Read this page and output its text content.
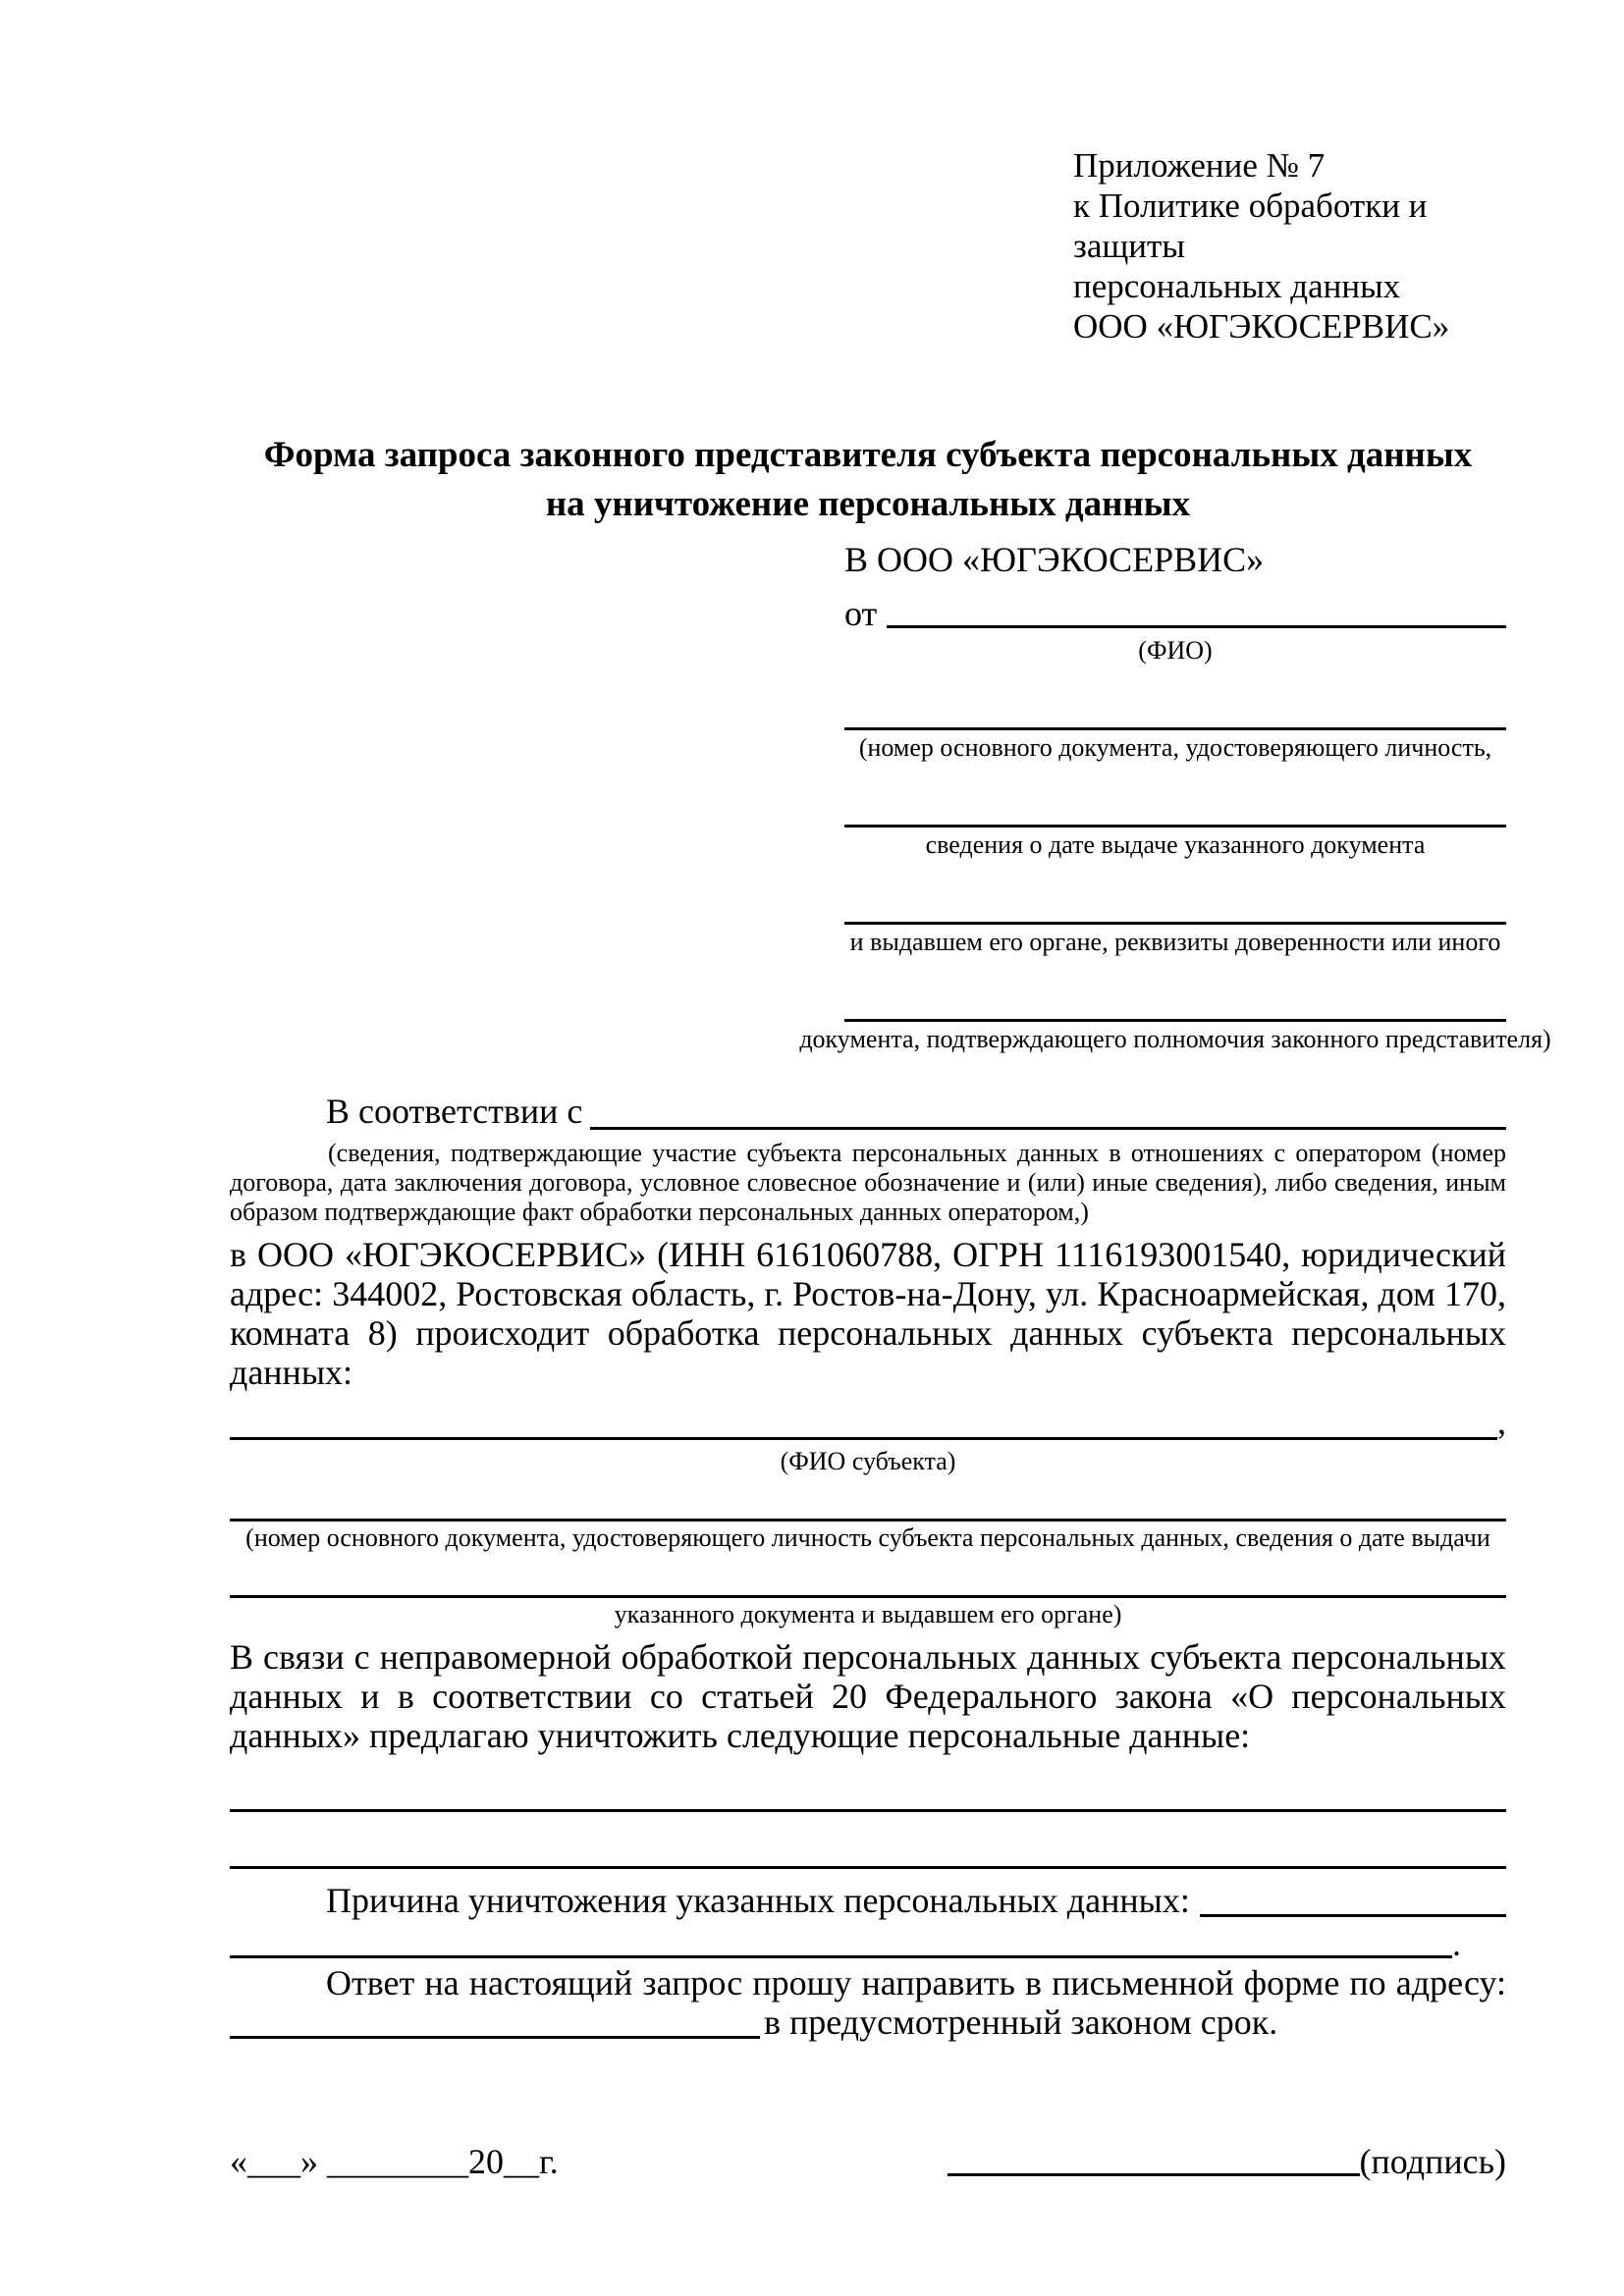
Приложение № 7
к Политике обработки и защиты
персональных данных
ООО «ЮГЭКОСЕРВИС»
Форма запроса законного представителя субъекта персональных данных
на уничтожение персональных данных
В ООО «ЮГЭКОСЕРВИС»
от
(ФИО)
(номер основного документа, удостоверяющего личность,
сведения о дате выдаче указанного документа
и выдавшем его органе, реквизиты доверенности или иного
документа, подтверждающего полномочия законного представителя)
В соответствии с

(сведения, подтверждающие участие субъекта персональных данных в отношениях с оператором (номер договора, дата заключения договора, условное словесное обозначение и (или) иные сведения), либо сведения, иным образом подтверждающие факт обработки персональных данных оператором,)

в ООО «ЮГЭКОСЕРВИС» (ИНН 6161060788, ОГРН 1116193001540, юридический адрес: 344002, Ростовская область, г. Ростов-на-Дону, ул. Красноармейская, дом 170, комната 8) происходит обработка персональных данных субъекта персональных данных:

,
(ФИО субъекта)
(номер основного документа, удостоверяющего личность субъекта персональных данных, сведения о дате выдачи
указанного документа и выдавшем его органе)

В связи с неправомерной обработкой персональных данных субъекта персональных данных и в соответствии со статьей 20 Федерального закона «О персональных данных» предлагаю уничтожить следующие персональные данные:

Причина уничтожения указанных персональных данных:
.

Ответ на настоящий запрос прошу направить в письменной форме по адресу:

в предусмотренный законом срок.
«___» ________20__г.	(подпись)
